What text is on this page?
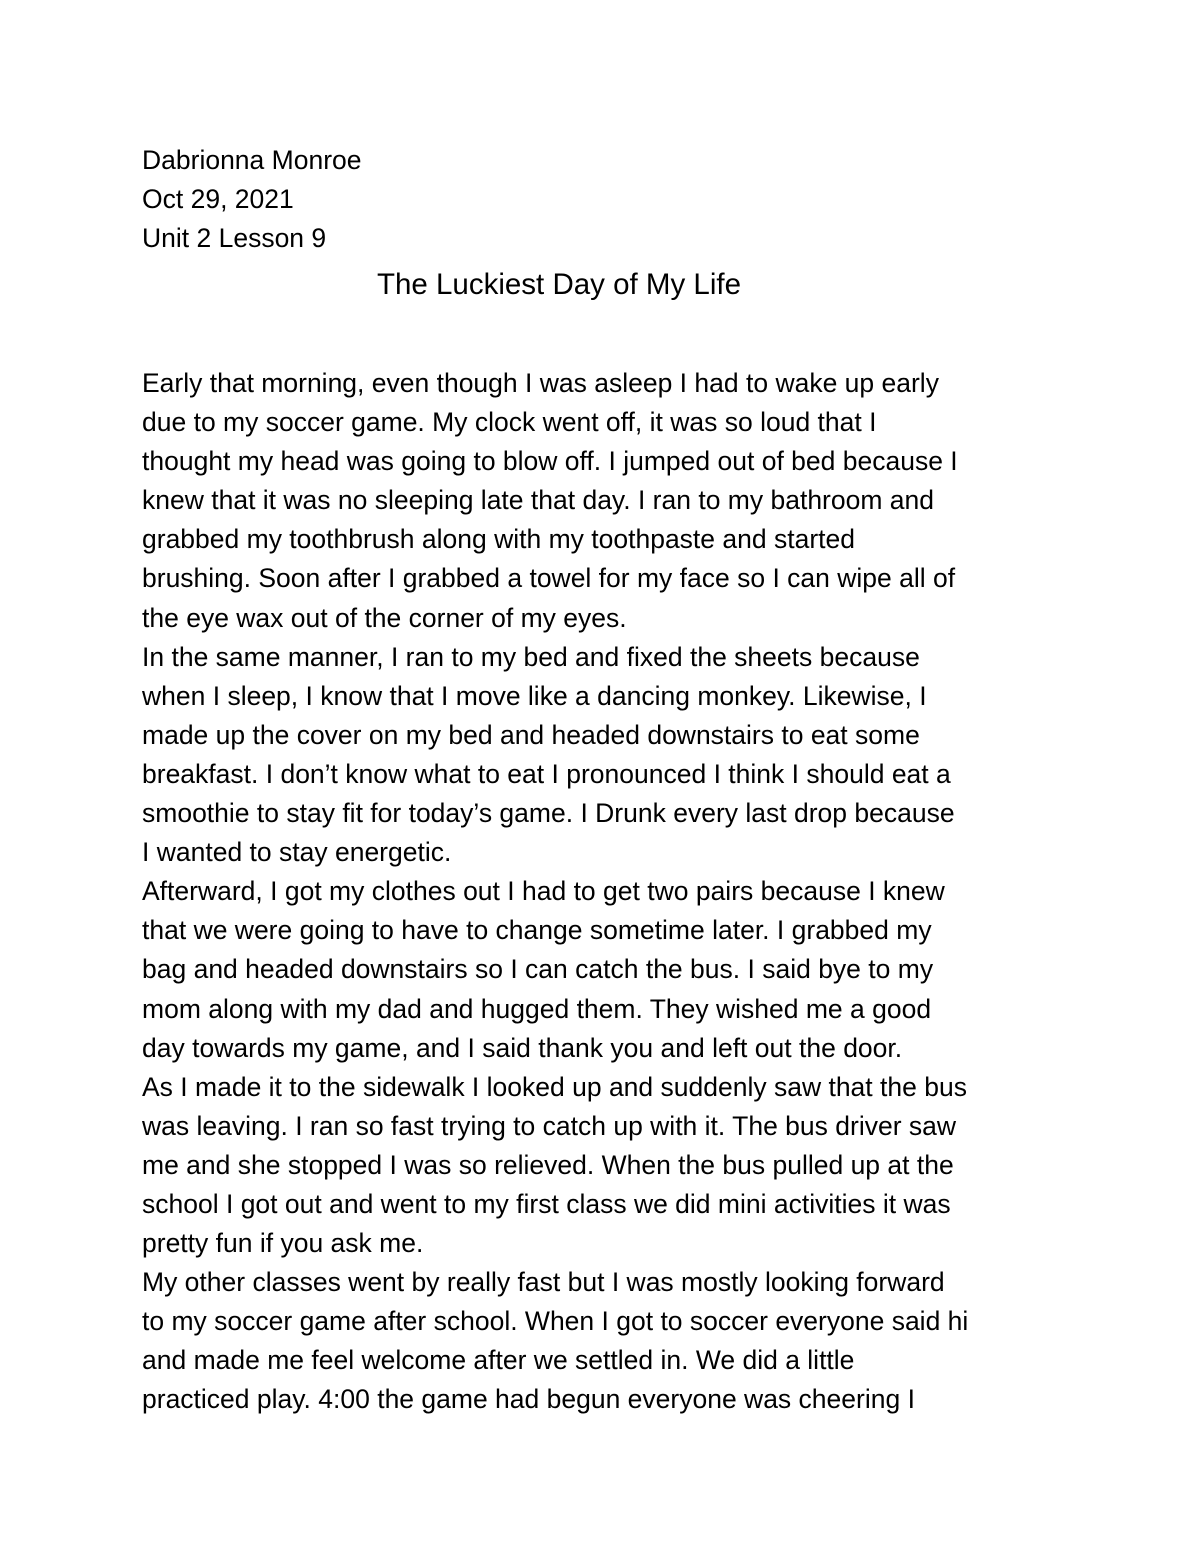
Dabrionna Monroe
Oct 29, 2021
Unit 2 Lesson 9
The Luckiest Day of My Life
Early that morning, even though I was asleep I had to wake up early
due to my soccer game. My clock went off, it was so loud that I
thought my head was going to blow off. I jumped out of bed because I
knew that it was no sleeping late that day. I ran to my bathroom and
grabbed my toothbrush along with my toothpaste and started
brushing. Soon after I grabbed a towel for my face so I can wipe all of
the eye wax out of the corner of my eyes.
In the same manner, I ran to my bed and fixed the sheets because
when I sleep, I know that I move like a dancing monkey. Likewise, I
made up the cover on my bed and headed downstairs to eat some
breakfast. I don’t know what to eat I pronounced I think I should eat a
smoothie to stay fit for today’s game. I Drunk every last drop because
I wanted to stay energetic.
Afterward, I got my clothes out I had to get two pairs because I knew
that we were going to have to change sometime later. I grabbed my
bag and headed downstairs so I can catch the bus. I said bye to my
mom along with my dad and hugged them. They wished me a good
day towards my game, and I said thank you and left out the door.
As I made it to the sidewalk I looked up and suddenly saw that the bus
was leaving. I ran so fast trying to catch up with it. The bus driver saw
me and she stopped I was so relieved. When the bus pulled up at the
school I got out and went to my first class we did mini activities it was
pretty fun if you ask me.
My other classes went by really fast but I was mostly looking forward
to my soccer game after school. When I got to soccer everyone said hi
and made me feel welcome after we settled in. We did a little
practiced play. 4:00 the game had begun everyone was cheering I
